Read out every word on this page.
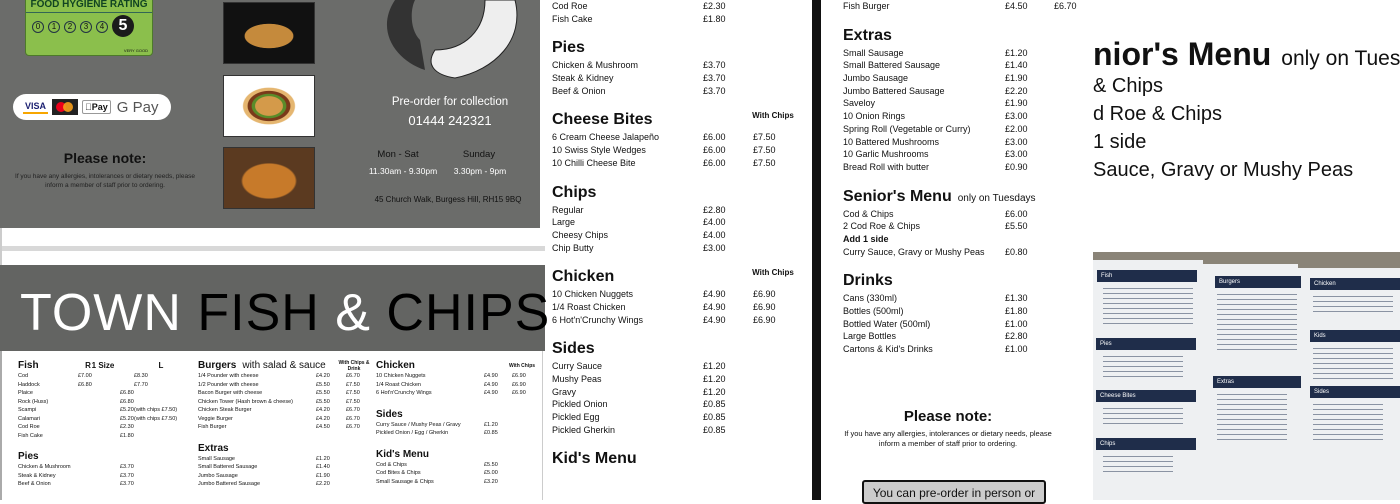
FOOD HYGIENE RATING
0 1 2 3 4 5
VERY GOOD
VISA	Pay G Pay
Please note:

If you have any allergies, intolerances or dietary needs, please inform a member of staff prior to ordering.

Pre-order for collection
01444 242321
Mon - Sat	Sunday
11.30am - 9.30pm	3.30pm - 9pm
45 Church Walk, Burgess Hill, RH15 9BQ
TOWN FISH & CHIPS
Fish	R 1 Size	L
Cod	£7.00	£8.30
Haddock	£6.80	£7.70
Plaice	£6.80
Rock (Huss)	£6.80
Scampi	£5.20 (with chips £7.50)
Calamari	£5.20 (with chips £7.50)
Cod Roe	£2.30
Fish Cake	£1.80
Pies
Chicken & Mushroom	£3.70
Steak & Kidney	£3.70
Beef & Onion	£3.70
Burgers with salad & sauce	With Chips & Drink
1/4 Pounder with cheese	£4.20	£6.70
1/2 Pounder with cheese	£5.50	£7.50
Bacon Burger with cheese	£5.50	£7.50
Chicken Tower (Hash brown & cheese)	£5.50	£7.50
Chicken Steak Burger	£4.20	£6.70
Veggie Burger	£4.20	£6.70
Fish Burger	£4.50	£6.70
Extras
Small Sausage	£1.20
Small Battered Sausage	£1.40
Jumbo Sausage	£1.90
Jumbo Battered Sausage	£2.20
Chicken	With Chips
10 Chicken Nuggets	£4.90	£6.90
1/4 Roast Chicken	£4.90	£6.90
6 Hot'n'Crunchy Wings	£4.90	£6.90
Sides
Curry Sauce / Mushy Peas / Gravy	£1.20
Pickled Onion / Egg / Gherkin	£0.85
Kid's Menu
Cod & Chips	£5.50
Cod Bites & Chips	£5.00
Small Sausage & Chips	£3.20
Cod Roe	£2.30
Fish Cake	£1.80
Pies
Chicken & Mushroom	£3.70
Steak & Kidney	£3.70
Beef & Onion	£3.70
Cheese Bites	With Chips
6 Cream Cheese Jalapeño	£6.00	£7.50
10 Swiss Style Wedges	£6.00	£7.50
10 Chilli Cheese Bite	£6.00	£7.50
Chips
Regular	£2.80
Large	£4.00
Cheesy Chips	£4.00
Chip Butty	£3.00
Chicken	With Chips
10 Chicken Nuggets	£4.90	£6.90
1/4 Roast Chicken	£4.90	£6.90
6 Hot'n'Crunchy Wings	£4.90	£6.90
Sides
Curry Sauce	£1.20
Mushy Peas	£1.20
Gravy	£1.20
Pickled Onion	£0.85
Pickled Egg	£0.85
Pickled Gherkin	£0.85
Kid's Menu
Fish Burger	£4.50	£6.70
Extras
Small Sausage	£1.20
Small Battered Sausage	£1.40
Jumbo Sausage	£1.90
Jumbo Battered Sausage	£2.20
Saveloy	£1.90
10 Onion Rings	£3.00
Spring Roll (Vegetable or Curry)	£2.00
10 Battered Mushrooms	£3.00
10 Garlic Mushrooms	£3.00
Bread Roll with butter	£0.90
Senior's Menu only on Tuesdays
Cod & Chips	£6.00
2 Cod Roe & Chips	£5.50
Add 1 side
Curry Sauce, Gravy or Mushy Peas £0.80
Drinks
Cans (330ml)	£1.30
Bottles (500ml)	£1.80
Bottled Water (500ml)	£1.00
Large Bottles	£2.80
Cartons & Kid's Drinks	£1.00
Please note:
If you have any allergies, intolerances or dietary needs, please inform a member of staff prior to ordering.
You can pre-order in person or
nior's Menu only on Tues
& Chips
d Roe & Chips
1 side
Sauce, Gravy or Mushy Peas
Fish
Pies
Cheese Bites
Chips
Burgers
Extras
Chicken
Kids
Sides
